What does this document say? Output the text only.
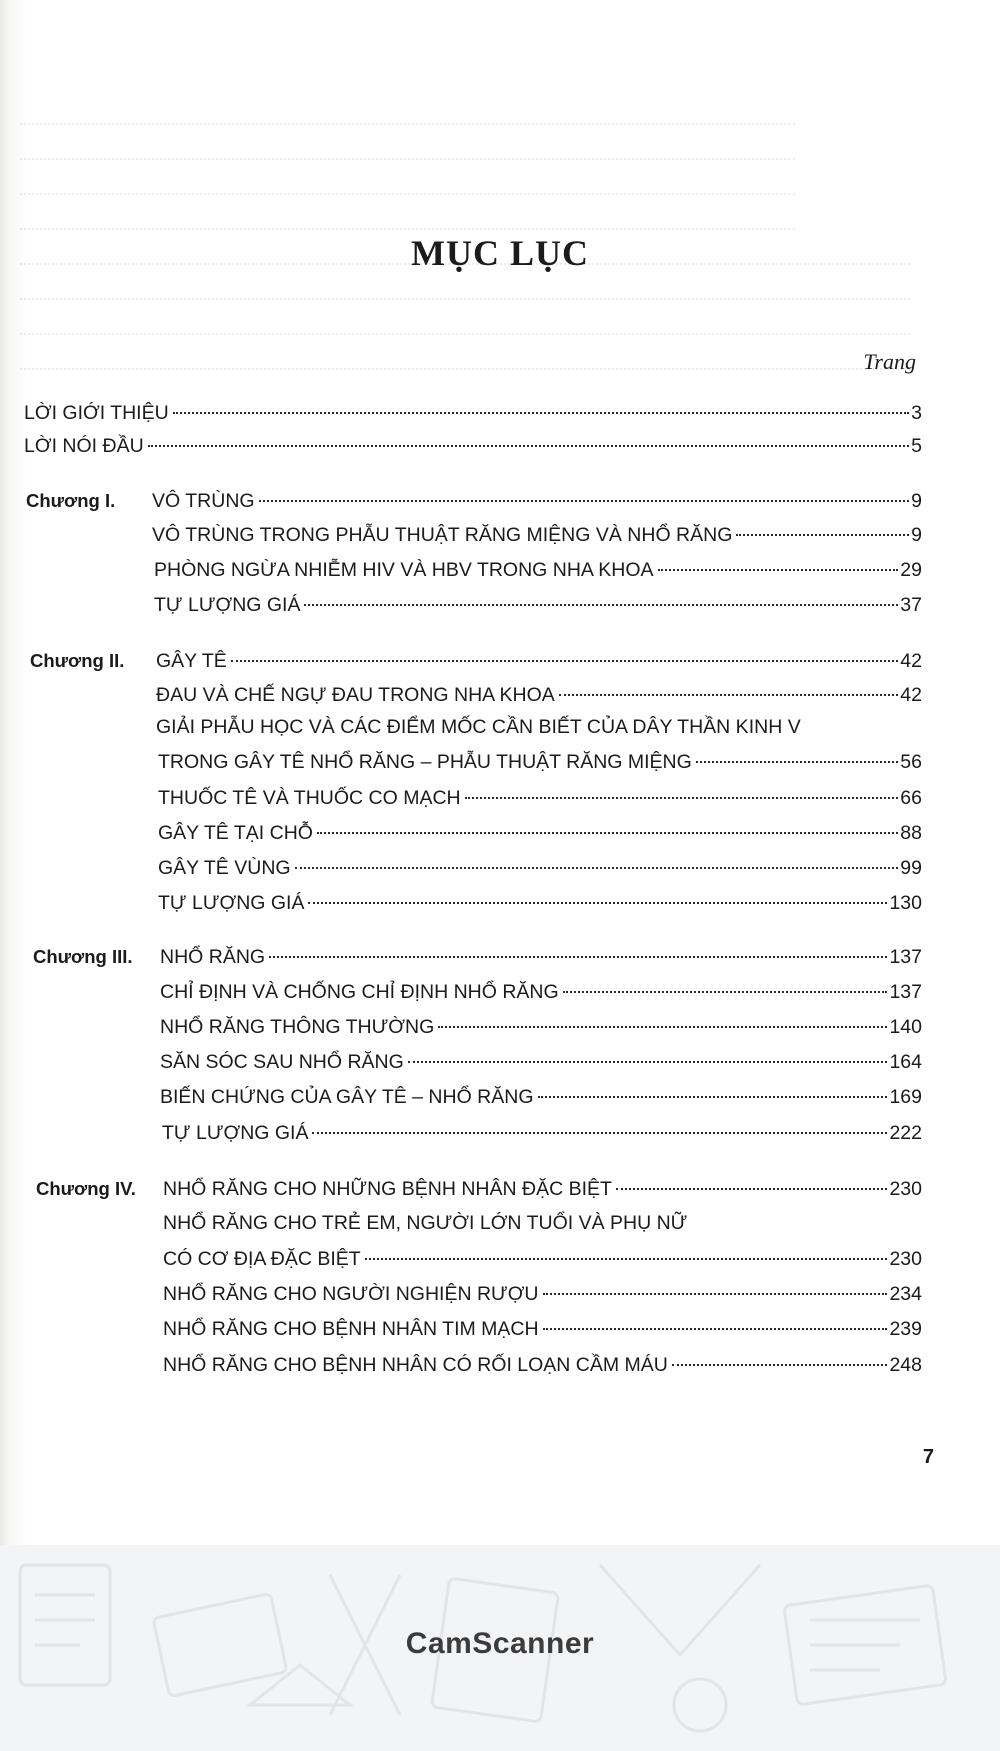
MỤC LỤC
Trang
LỜI GIỚI THIỆU	3
LỜI NÓI ĐẦU	5
Chương I. VÔ TRÙNG	9
VÔ TRÙNG TRONG PHẪU THUẬT RĂNG MIỆNG VÀ NHỔ RĂNG	9
PHÒNG NGỪA NHIỄM HIV VÀ HBV TRONG NHA KHOA	29
TỰ LƯỢNG GIÁ	37
Chương II. GÂY TÊ	42
ĐAU VÀ CHẾ NGỰ ĐAU TRONG NHA KHOA	42
GIẢI PHẪU HỌC VÀ CÁC ĐIỂM MỐC CẦN BIẾT CỦA DÂY THẦN KINH V
TRONG GÂY TÊ NHỔ RĂNG – PHẪU THUẬT RĂNG MIỆNG	56
THUỐC TÊ VÀ THUỐC CO MẠCH	66
GÂY TÊ TẠI CHỖ	88
GÂY TÊ VÙNG	99
TỰ LƯỢNG GIÁ	130
Chương III. NHỔ RĂNG	137
CHỈ ĐỊNH VÀ CHỐNG CHỈ ĐỊNH NHỔ RĂNG	137
NHỔ RĂNG THÔNG THƯỜNG	140
SĂN SÓC SAU NHỔ RĂNG	164
BIẾN CHỨNG CỦA GÂY TÊ – NHỔ RĂNG	169
TỰ LƯỢNG GIÁ	222
Chương IV. NHỔ RĂNG CHO NHỮNG BỆNH NHÂN ĐẶC BIỆT	230
NHỔ RĂNG CHO TRẺ EM, NGƯỜI LỚN TUỔI VÀ PHỤ NỮ
CÓ CƠ ĐỊA ĐẶC BIỆT	230
NHỔ RĂNG CHO NGƯỜI NGHIỆN RƯỢU	234
NHỔ RĂNG CHO BỆNH NHÂN TIM MẠCH	239
NHỔ RĂNG CHO BỆNH NHÂN CÓ RỐI LOẠN CẦM MÁU	248
7
CamScanner
